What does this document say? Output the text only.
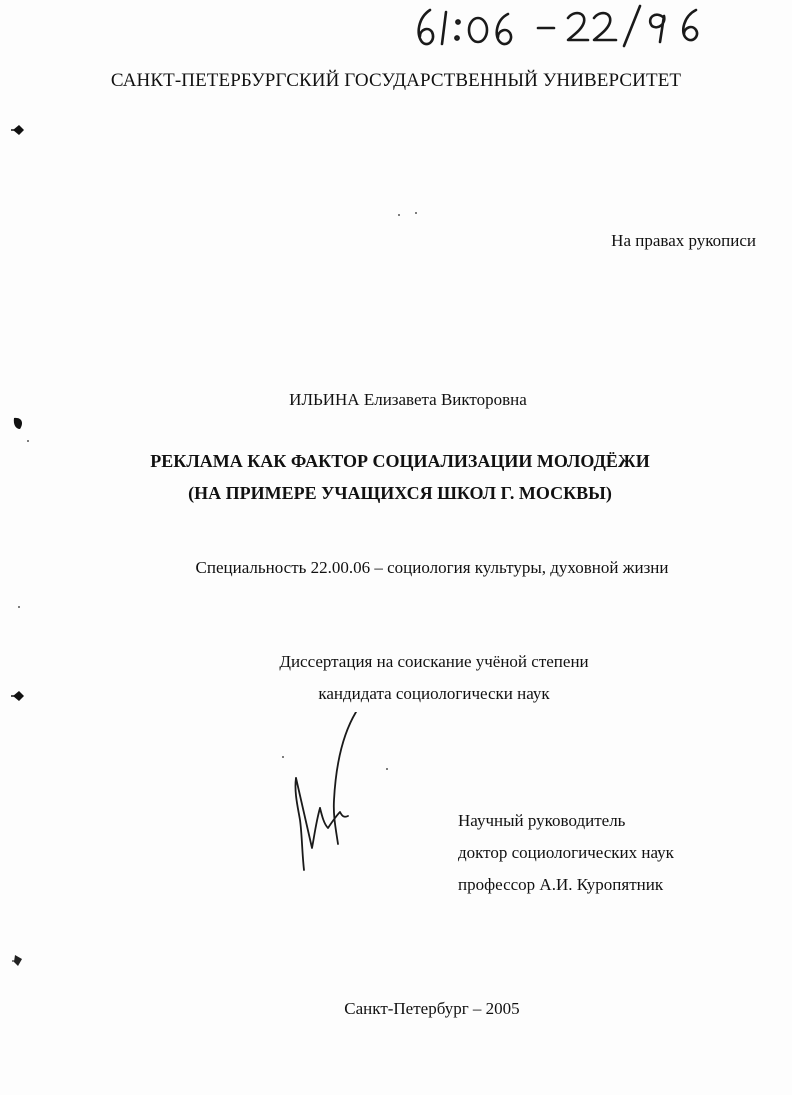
САНКТ-ПЕТЕРБУРГСКИЙ ГОСУДАРСТВЕННЫЙ УНИВЕРСИТЕТ
На правах рукописи
ИЛЬИНА Елизавета Викторовна
РЕКЛАМА КАК ФАКТОР СОЦИАЛИЗАЦИИ МОЛОДЁЖИ
(НА ПРИМЕРЕ УЧАЩИХСЯ ШКОЛ Г. МОСКВЫ)
Специальность 22.00.06 – социология культуры, духовной жизни
Диссертация на соискание учёной степени
кандидата социологически наук
Научный руководитель
доктор социологических наук
профессор А.И. Куропятник
Санкт-Петербург – 2005
